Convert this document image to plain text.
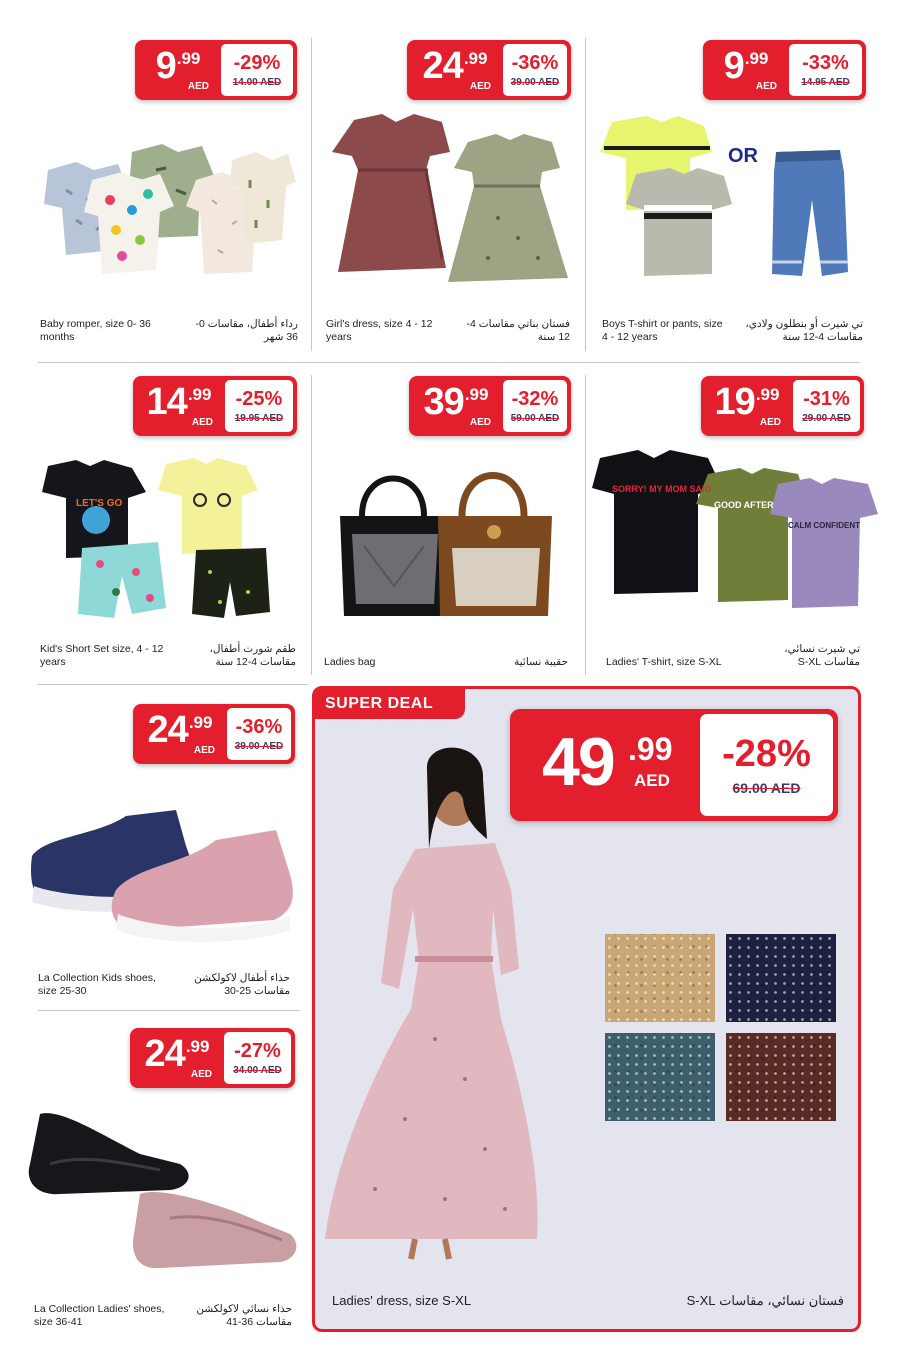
9 .99
AED
-29%
14.00 AED
Baby romper, size 0- 36 months
رداء أطفال، مقاسات 0-36 شهر
24 .99
AED
-36%
39.00 AED
Girl's dress, size 4 - 12 years
فستان بناتي مقاسات 4-12 سنة
9 .99
AED
-33%
14.95 AED
OR
Boys T-shirt or pants, size 4 - 12 years
تي شيرت أو بنطلون ولادي، مقاسات 4-12 سنة
14 .99
AED
-25%
19.95 AED
LET'S GO
Kid's Short Set size, 4 - 12 years
طقم شورت أطفال، مقاسات 4-12 سنة
39 .99
AED
-32%
59.00 AED
Ladies bag	حقيبة نسائية
19 .99
AED
-31%
29.00 AED
SORRY! MY MOM SAID
GOOD AFTER
CALM CONFIDENT
Ladies' T-shirt, size S-XL
تي شيرت نسائي، مقاسات S-XL
24 .99
AED
-36%
39.00 AED
La Collection Kids shoes, size 25-30
حذاء أطفال لاكولكشن مقاسات 25-30
24 .99
AED
-27%
34.00 AED
La Collection Ladies' shoes, size 36-41
حذاء نسائي لاكولكشن مقاسات 36-41
SUPER DEAL
49 .99
AED
-28%
69.00 AED
Ladies' dress, size S-XL	فستان نسائي، مقاسات S-XL
